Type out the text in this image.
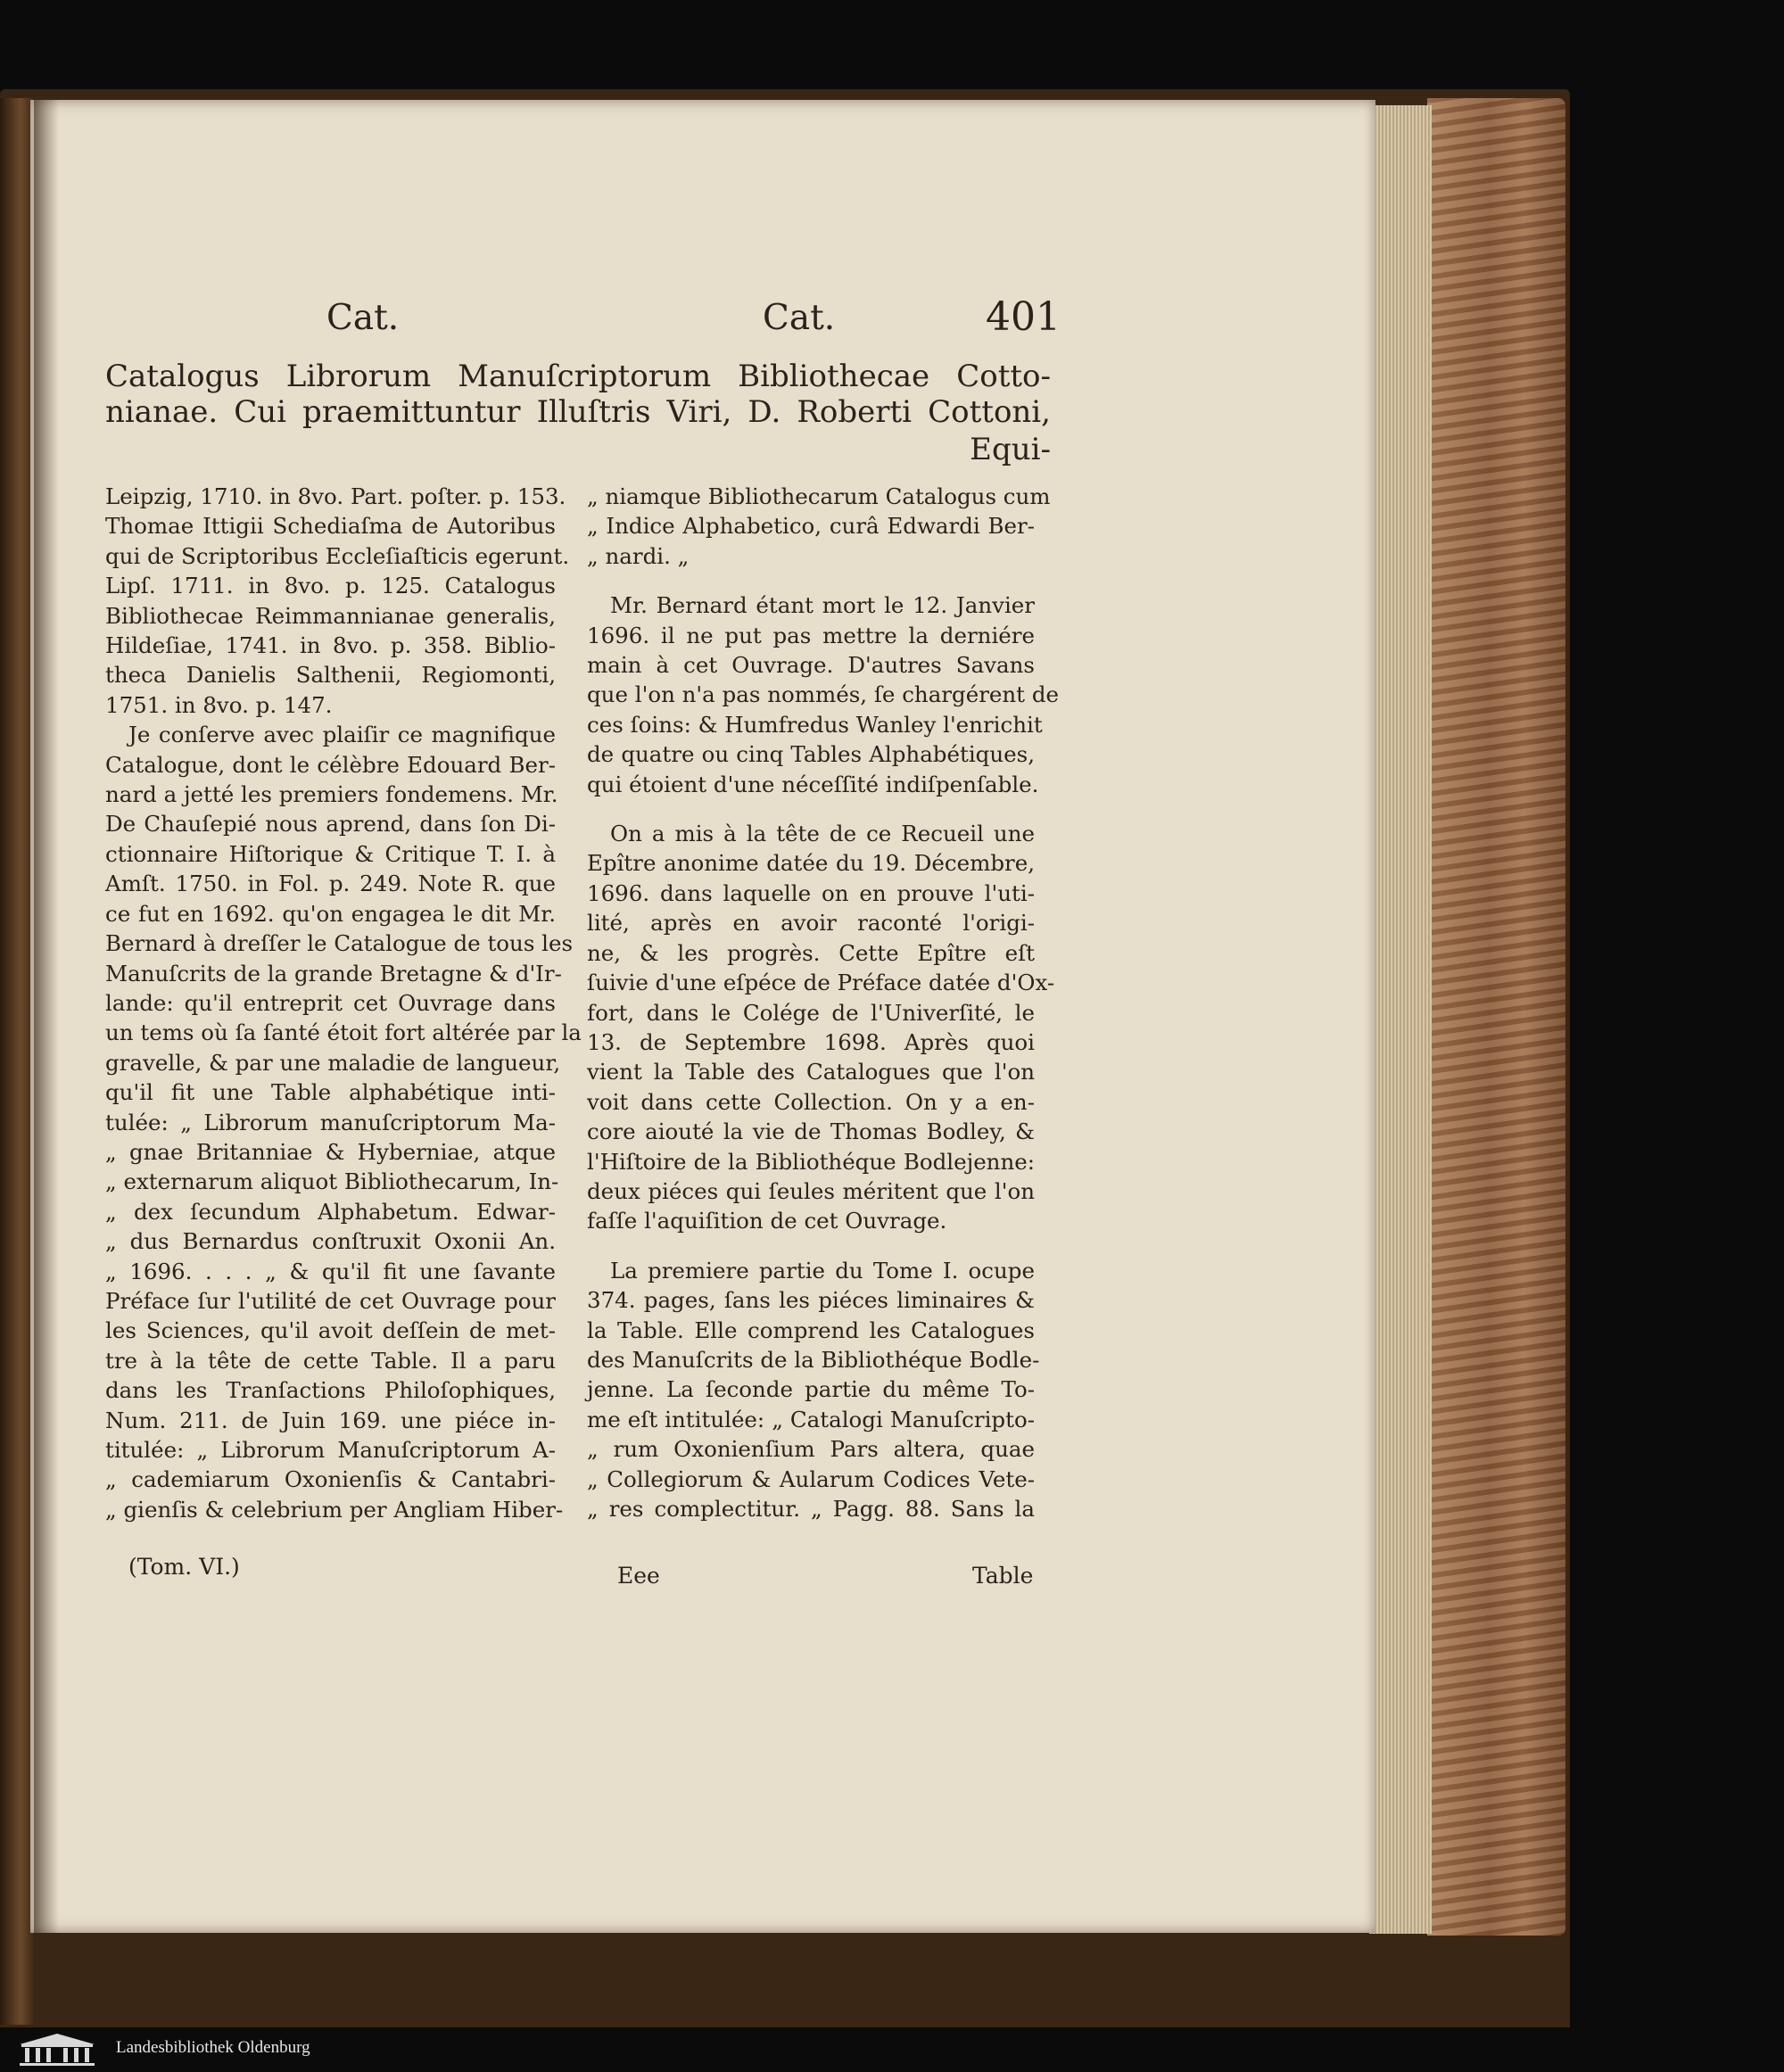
Cat.	Cat.	401
Catalogus Librorum Manuſcriptorum Bibliothecae Cotto-
nianae. Cui praemittuntur Illuſtris Viri, D. Roberti Cottoni,
Equi-
Leipzig, 1710. in 8vo. Part. poſter. p. 153.
Thomae Ittigii Schediaſma de Autoribus
qui de Scriptoribus Eccleſiaſticis egerunt.
Lipſ. 1711. in 8vo. p. 125. Catalogus
Bibliothecae Reimmannianae generalis,
Hildeſiae, 1741. in 8vo. p. 358. Biblio-
theca Danielis Salthenii, Regiomonti,
1751. in 8vo. p. 147.
Je conſerve avec plaiſir ce magnifique
Catalogue, dont le célèbre Edouard Ber-
nard a jetté les premiers fondemens. Mr.
De Chauſepié nous aprend, dans ſon Di-
ctionnaire Hiſtorique & Critique T. I. à
Amſt. 1750. in Fol. p. 249. Note R. que
ce fut en 1692. qu'on engagea le dit Mr.
Bernard à dreſſer le Catalogue de tous les
Manuſcrits de la grande Bretagne & d'Ir-
lande: qu'il entreprit cet Ouvrage dans
un tems où ſa ſanté étoit fort altérée par la
gravelle, & par une maladie de langueur,
qu'il fit une Table alphabétique inti-
tulée: „ Librorum manuſcriptorum Ma-
„ gnae Britanniae & Hyberniae, atque
„ externarum aliquot Bibliothecarum, In-
„ dex ſecundum Alphabetum. Edwar-
„ dus Bernardus conſtruxit Oxonii An.
„ 1696. . . . „ & qu'il fit une ſavante
Préface ſur l'utilité de cet Ouvrage pour
les Sciences, qu'il avoit deſſein de met-
tre à la tête de cette Table. Il a paru
dans les Tranſactions Philoſophiques,
Num. 211. de Juin 169. une piéce in-
titulée: „ Librorum Manuſcriptorum A-
„ cademiarum Oxonienſis & Cantabri-
„ gienſis & celebrium per Angliam Hiber-
(Tom. VI.)
„ niamque Bibliothecarum Catalogus cum
„ Indice Alphabetico, curâ Edwardi Ber-
„ nardi. „
Mr. Bernard étant mort le 12. Janvier
1696. il ne put pas mettre la derniére
main à cet Ouvrage. D'autres Savans
que l'on n'a pas nommés, ſe chargérent de
ces ſoins: & Humfredus Wanley l'enrichit
de quatre ou cinq Tables Alphabétiques,
qui étoient d'une néceſſité indiſpenſable.
On a mis à la tête de ce Recueil une
Epître anonime datée du 19. Décembre,
1696. dans laquelle on en prouve l'uti-
lité, après en avoir raconté l'origi-
ne, & les progrès. Cette Epître eſt
ſuivie d'une eſpéce de Préface datée d'Ox-
fort, dans le Colége de l'Univerſité, le
13. de Septembre 1698. Après quoi
vient la Table des Catalogues que l'on
voit dans cette Collection. On y a en-
core aiouté la vie de Thomas Bodley, &
l'Hiſtoire de la Bibliothéque Bodlejenne:
deux piéces qui ſeules méritent que l'on
faſſe l'aquiſition de cet Ouvrage.
La premiere partie du Tome I. ocupe
374. pages, ſans les piéces liminaires &
la Table. Elle comprend les Catalogues
des Manuſcrits de la Bibliothéque Bodle-
jenne. La ſeconde partie du même To-
me eſt intitulée: „ Catalogi Manuſcripto-
„ rum Oxonienſium Pars altera, quae
„ Collegiorum & Aularum Codices Vete-
„ res complectitur. „ Pagg. 88. Sans la
Eee	Table
Landesbibliothek Oldenburg
